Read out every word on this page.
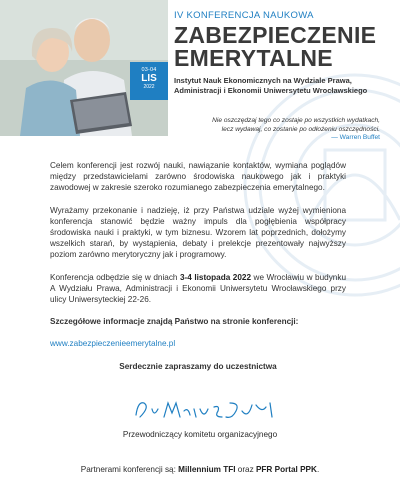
03-04
LIS
2022
IV KONFERENCJA NAUKOWA
ZABEZPIECZENIE
EMERYTALNE
Instytut Nauk Ekonomicznych na Wydziale Prawa,
Administracji i Ekonomii Uniwersytetu Wrocławskiego
Nie oszczędzaj tego co zostaje po wszystkich wydatkach,
lecz wydawaj, co zostanie po odłożeniu oszczędności.
— Warren Buffet

Celem konferencji jest rozwój nauki, nawiązanie kontaktów, wymiana poglądów między przedstawicielami zarówno środowiska naukowego jak i praktyki zawodowej w zakresie szeroko rozumianego zabezpieczenia emerytalnego.

Wyrażamy przekonanie i nadzieję, iż przy Państwa udziale wyżej wymieniona konferencja stanowić będzie ważny impuls dla pogłębienia współpracy środowiska nauki i praktyki, w tym biznesu. Wzorem lat poprzednich, dołożymy wszelkich starań, by wystąpienia, debaty i prelekcje prezentowały najwyższy poziom zarówno merytoryczny jak i programowy.

Konferencja odbędzie się w dniach 3-4 listopada 2022 we Wrocławiu w budynku A Wydziału Prawa, Administracji i Ekonomii Uniwersytetu Wrocławskiego przy ulicy Uniwersyteckiej 22-26.

Szczegółowe informacje znajdą Państwo na stronie konferencji:

www.zabezpieczenieemerytalne.pl

Serdecznie zapraszamy do uczestnictwa
Przewodniczący komitetu organizacyjnego
Partnerami konferencji są: Millennium TFI oraz PFR Portal PPK.
